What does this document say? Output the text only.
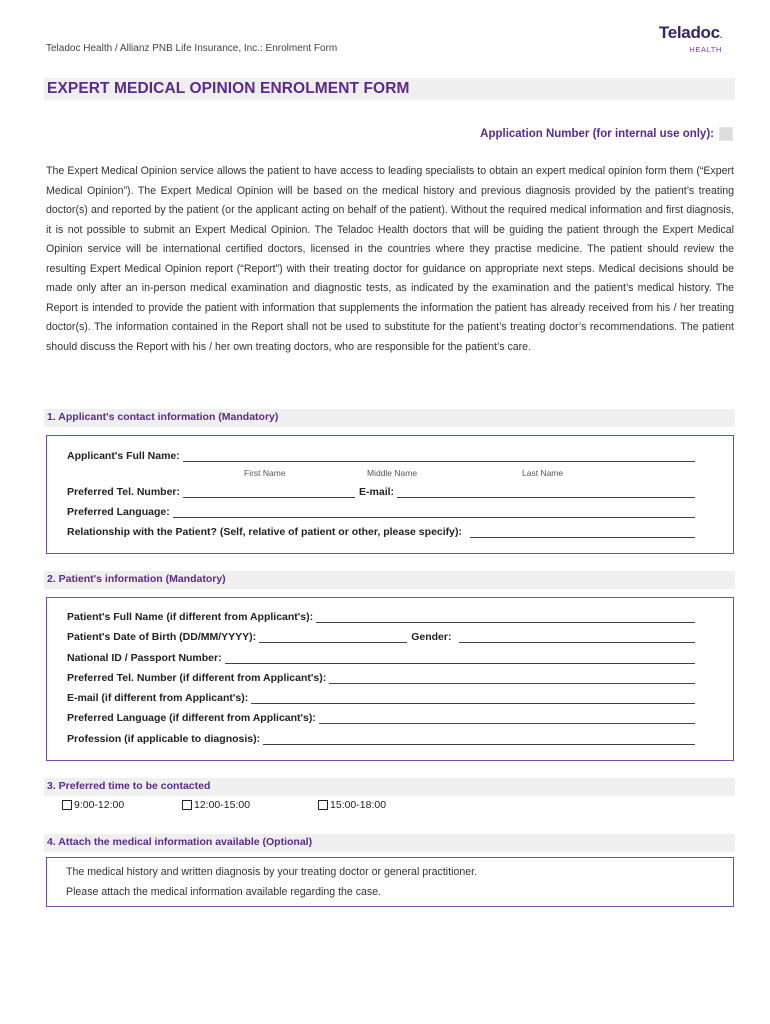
Teladoc Health / Allianz PNB Life Insurance, Inc.: Enrolment Form
Teladoc.
HEALTH
EXPERT MEDICAL OPINION ENROLMENT FORM
Application Number (for internal use only):
The Expert Medical Opinion service allows the patient to have access to leading specialists to obtain an expert medical opinion form them (“Expert Medical Opinion”). The Expert Medical Opinion will be based on the medical history and previous diagnosis provided by the patient’s treating doctor(s) and reported by the patient (or the applicant acting on behalf of the patient). Without the required medical information and first diagnosis, it is not possible to submit an Expert Medical Opinion. The Teladoc Health doctors that will be guiding the patient through the Expert Medical Opinion service will be international certified doctors, licensed in the countries where they practise medicine. The patient should review the resulting Expert Medical Opinion report (“Report”) with their treating doctor for guidance on appropriate next steps. Medical decisions should be made only after an in-person medical examination and diagnostic tests, as indicated by the examination and the patient’s medical history. The Report is intended to provide the patient with information that supplements the information the patient has already received from his / her treating doctor(s). The information contained in the Report shall not be used to substitute for the patient’s treating doctor’s recommendations. The patient should discuss the Report with his / her own treating doctors, who are responsible for the patient’s care.
1. Applicant's contact information (Mandatory)
Applicant's Full Name:
First Name	Middle Name	Last Name
Preferred Tel. Number:	E-mail:
Preferred Language:
Relationship with the Patient? (Self, relative of patient or other, please specify):
2. Patient's information (Mandatory)
Patient's Full Name (if different from Applicant's):
Patient's Date of Birth (DD/MM/YYYY):	Gender:
National ID / Passport Number:
Preferred Tel. Number (if different from Applicant's):
E-mail (if different from Applicant's):
Preferred Language (if different from Applicant's):
Profession (if applicable to diagnosis):
3. Preferred time to be contacted
9:00-12:00	12:00-15:00	15:00-18:00
4. Attach the medical information available (Optional)
The medical history and written diagnosis by your treating doctor or general practitioner.
Please attach the medical information available regarding the case.
